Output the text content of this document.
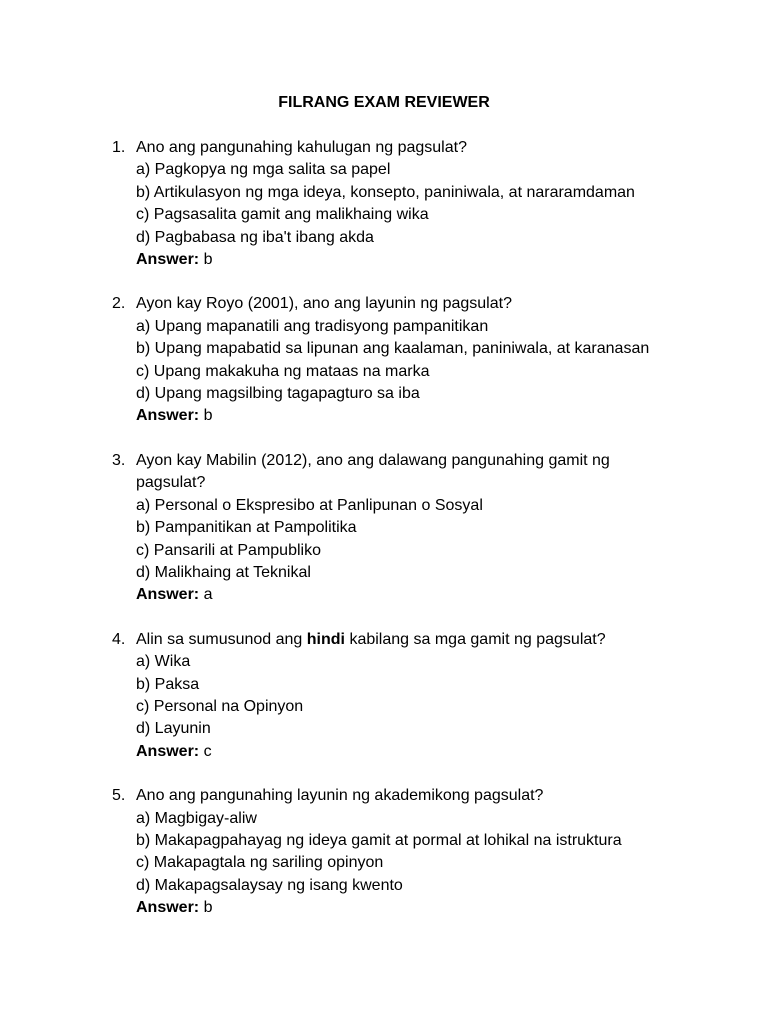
FILRANG EXAM REVIEWER
1. Ano ang pangunahing kahulugan ng pagsulat?
a) Pagkopya ng mga salita sa papel
b) Artikulasyon ng mga ideya, konsepto, paniniwala, at nararamdaman
c) Pagsasalita gamit ang malikhaing wika
d) Pagbabasa ng iba't ibang akda
Answer: b
2. Ayon kay Royo (2001), ano ang layunin ng pagsulat?
a) Upang mapanatili ang tradisyong pampanitikan
b) Upang mapabatid sa lipunan ang kaalaman, paniniwala, at karanasan
c) Upang makakuha ng mataas na marka
d) Upang magsilbing tagapagturo sa iba
Answer: b
3. Ayon kay Mabilin (2012), ano ang dalawang pangunahing gamit ng pagsulat?
a) Personal o Ekspresibo at Panlipunan o Sosyal
b) Pampanitikan at Pampolitika
c) Pansarili at Pampubliko
d) Malikhaing at Teknikal
Answer: a
4. Alin sa sumusunod ang hindi kabilang sa mga gamit ng pagsulat?
a) Wika
b) Paksa
c) Personal na Opinyon
d) Layunin
Answer: c
5. Ano ang pangunahing layunin ng akademikong pagsulat?
a) Magbigay-aliw
b) Makapagpahayag ng ideya gamit at pormal at lohikal na istruktura
c) Makapagtala ng sariling opinyon
d) Makapagsalaysay ng isang kwento
Answer: b
